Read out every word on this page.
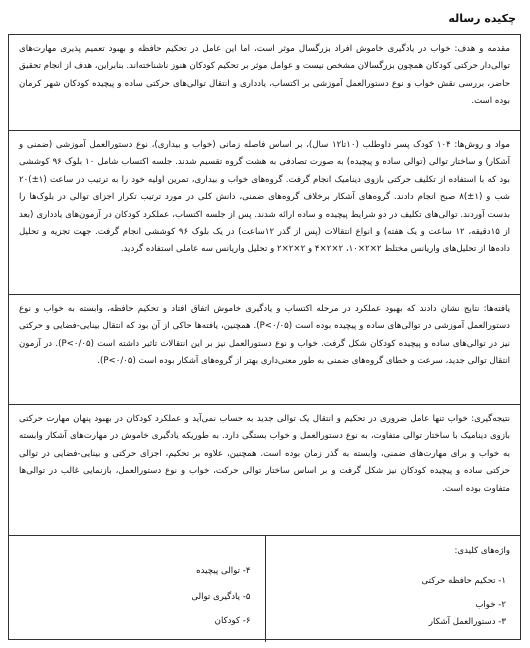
چکیده رساله

مقدمه و هدف: خواب در یادگیری خاموش افراد بزرگسال موثر است، اما این عامل در تحکیم حافظه و بهبود تعمیم پذیری مهارت‌های توالی‌دار حرکتی کودکان همچون بزرگسالان مشخص نیست و عوامل موثر بر تحکیم کودکان هنوز ناشناخته‌اند. بنابراین، هدف از انجام تحقیق حاضر، بررسی نقش خواب و نوع دستورالعمل آموزشی بر اکتساب، یادداری و انتقال توالی‌های حرکتی ساده و پیچیده کودکان شهر کرمان بوده است.

مواد و روش‌ها: ۱۰۴ کودک پسر داوطلب (۱۰تا۱۲ سال)، بر اساس فاصله زمانی (خواب و بیداری)، نوع دستورالعمل آموزشی (ضمنی و آشکار) و ساختار توالی (توالی ساده و پیچیده) به صورت تصادفی به هشت گروه تقسیم شدند. جلسه اکتساب شامل ۱۰ بلوک ۹۶ کوششی بود که با استفاده از تکلیف حرکتی بازوی دینامیک انجام گرفت. گروه‌های خواب و بیداری، تمرین اولیه خود را به ترتیب در ساعت (۱±)۲۰ شب و (۱±)۸ صبح انجام دادند. گروه‌های آشکار برخلاف گروه‌های ضمنی، دانش کلی در مورد ترتیب تکرار اجزای توالی در بلوک‌ها را بدست آوردند. توالی‌های تکلیف در دو شرایط پیچیده و ساده ارائه شدند. پس از جلسه اکتساب، عملکرد کودکان در آزمون‌های یادداری (بعد از ۱۵دقیقه، ۱۲ ساعت و یک هفته) و انواع انتقالات (پس از گذر ۱۲ساعت) در یک بلوک ۹۶ کوششی انجام گرفت. جهت تجزیه و تحلیل داده‌ها از تحلیل‌های واریانس مختلط ۲×۲×۱۰، ۲×۲×۴ و ۲×۲×۲ و تحلیل واریانس سه عاملی استفاده گردید.

یافته‌ها: نتایج نشان دادند که بهبود عملکرد در مرحله اکتساب و یادگیری خاموش اتفاق افتاد و تحکیم حافظه، وابسته به خواب و نوع دستورالعمل آموزشی در توالی‌های ساده و پیچیده بوده است (P<۰/۰۵). همچنین، یافته‌ها حاکی از آن بود که انتقال بینایی-فضایی و حرکتی نیز در توالی‌های ساده و پیچیده کودکان شکل گرفت. خواب و نوع دستورالعمل نیز بر این انتقالات تاثیر داشته است (P<۰/۰۵). در آزمون انتقال توالی جدید، سرعت و خطای گروه‌های ضمنی به طور معنی‌داری بهتر از گروه‌های آشکار بوده است (P<۰/۰۵).

نتیجه‌گیری: خواب تنها عامل ضروری در تحکیم و انتقال یک توالی جدید به حساب نمی‌آید و عملکرد کودکان در بهبود پنهان مهارت حرکتی بازوی دینامیک با ساختار توالی متفاوت، به نوع دستورالعمل و خواب بستگی دارد. به طوریکه یادگیری خاموش در مهارت‌های آشکار وابسته به خواب و برای مهارت‌های ضمنی، وابسته به گذر زمان بوده است. همچنین، علاوه بر تحکیم، اجزای حرکتی و بینایی-فضایی در توالی حرکتی ساده و پیچیده کودکان نیز شکل گرفت و بر اساس ساختار توالی حرکت، خواب و نوع دستورالعمل، بازنمایی غالب در توالی‌ها متفاوت بوده است.

واژه‌های کلیدی:
۱- تحکیم حافظه حرکتی
۲- خواب
۳- دستورالعمل آشکار
۴- توالی پیچیده
۵- یادگیری توالی
۶- کودکان
